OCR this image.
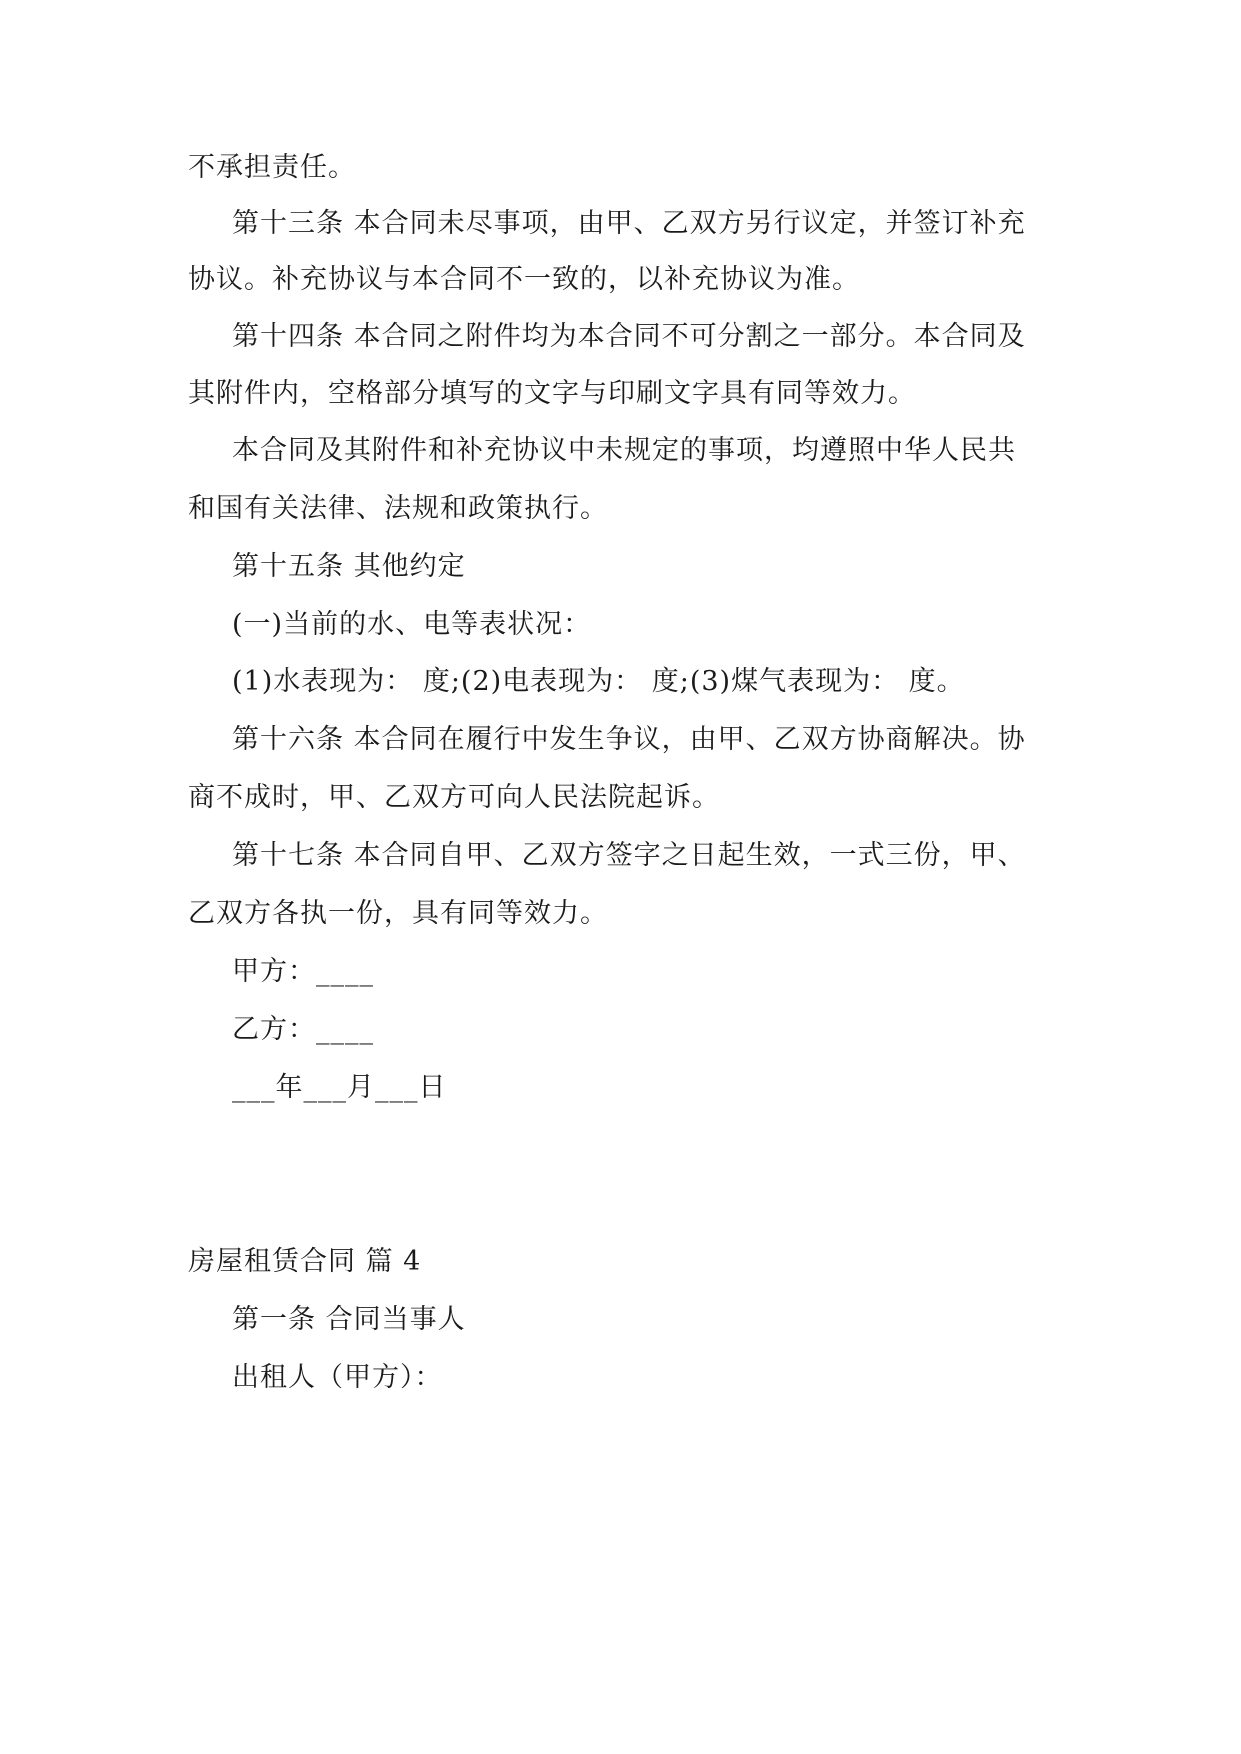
不承担责任。
第十三条 本合同未尽事项，由甲、乙双方另行议定，并签订补充
协议。补充协议与本合同不一致的，以补充协议为准。
第十四条 本合同之附件均为本合同不可分割之一部分。本合同及
其附件内，空格部分填写的文字与印刷文字具有同等效力。
本合同及其附件和补充协议中未规定的事项，均遵照中华人民共
和国有关法律、法规和政策执行。
第十五条 其他约定
(一)当前的水、电等表状况：
(1)水表现为： 度;(2)电表现为： 度;(3)煤气表现为： 度。
第十六条 本合同在履行中发生争议，由甲、乙双方协商解决。协
商不成时，甲、乙双方可向人民法院起诉。
第十七条 本合同自甲、乙双方签字之日起生效，一式三份，甲、
乙双方各执一份，具有同等效力。
甲方：____
乙方：____
___年___月___日
房屋租赁合同 篇 4
第一条 合同当事人
出租人（甲方）：
